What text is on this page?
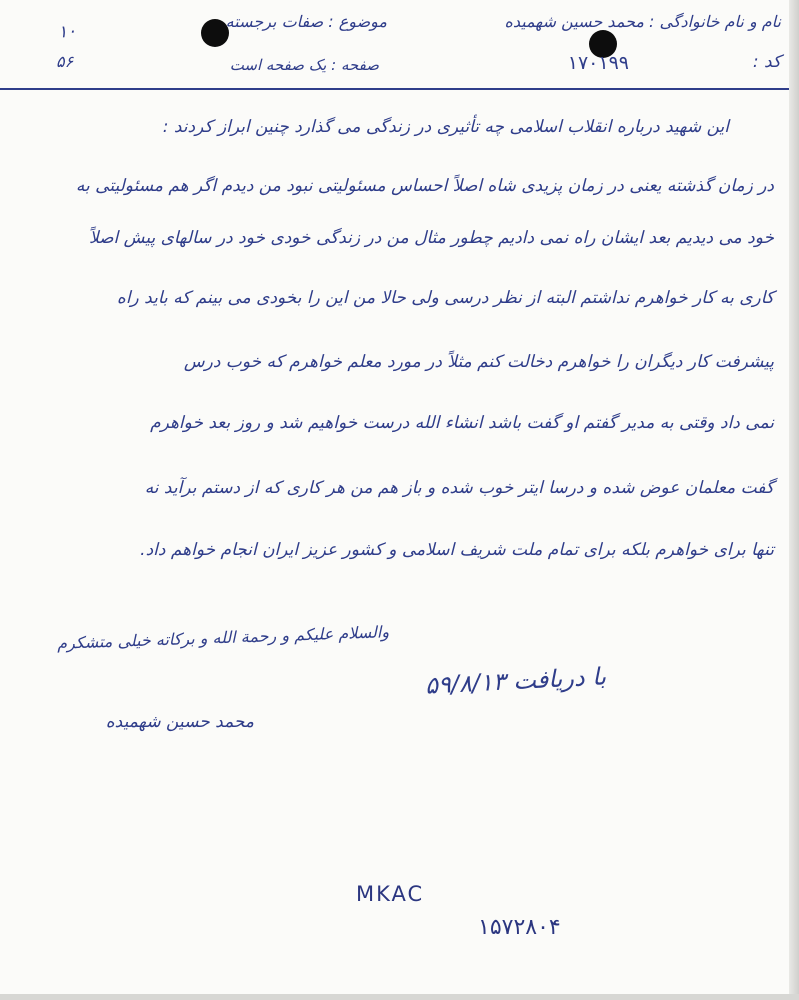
۱۰
۵۶
نام و نام خانوادگی : محمد حسین شهمیده
موضوع : صفات برجسته
کد :
۱۷۰۱۹۹
صفحه : یک صفحه است
این شهید درباره انقلاب اسلامی چه تأثیری در زندگی می گذارد چنین ابراز کردند :
در زمان گذشته یعنی در زمان پزیدی شاه اصلاً احساس مسئولیتی نبود من دیدم اگر هم مسئولیتی به
خود می دیدیم بعد ایشان راه نمی دادیم چطور مثال من در زندگی خودی خود در سالهای پیش اصلاً
کاری به کار خواهرم نداشتم البته از نظر درسی ولی حالا من این را بخودی می بینم که باید راه
پیشرفت کار دیگران را خواهرم دخالت کنم مثلاً در مورد معلم خواهرم که خوب درس
نمی داد وقتی به مدیر گفتم او گفت باشد انشاء الله درست خواهیم شد و روز بعد خواهرم
گفت معلمان عوض شده و درسا ایتر خوب شده و باز هم من هر کاری که از دستم برآید نه
تنها برای خواهرم بلکه برای تمام ملت شریف اسلامی و کشور عزیز ایران انجام خواهم داد.
والسلام علیکم و رحمة الله و برکاته خیلی متشکرم
با دریافت ۵۹/۸/۱۳
محمد حسین شهمیده
MKAC
۱۵۷۲۸۰۴
